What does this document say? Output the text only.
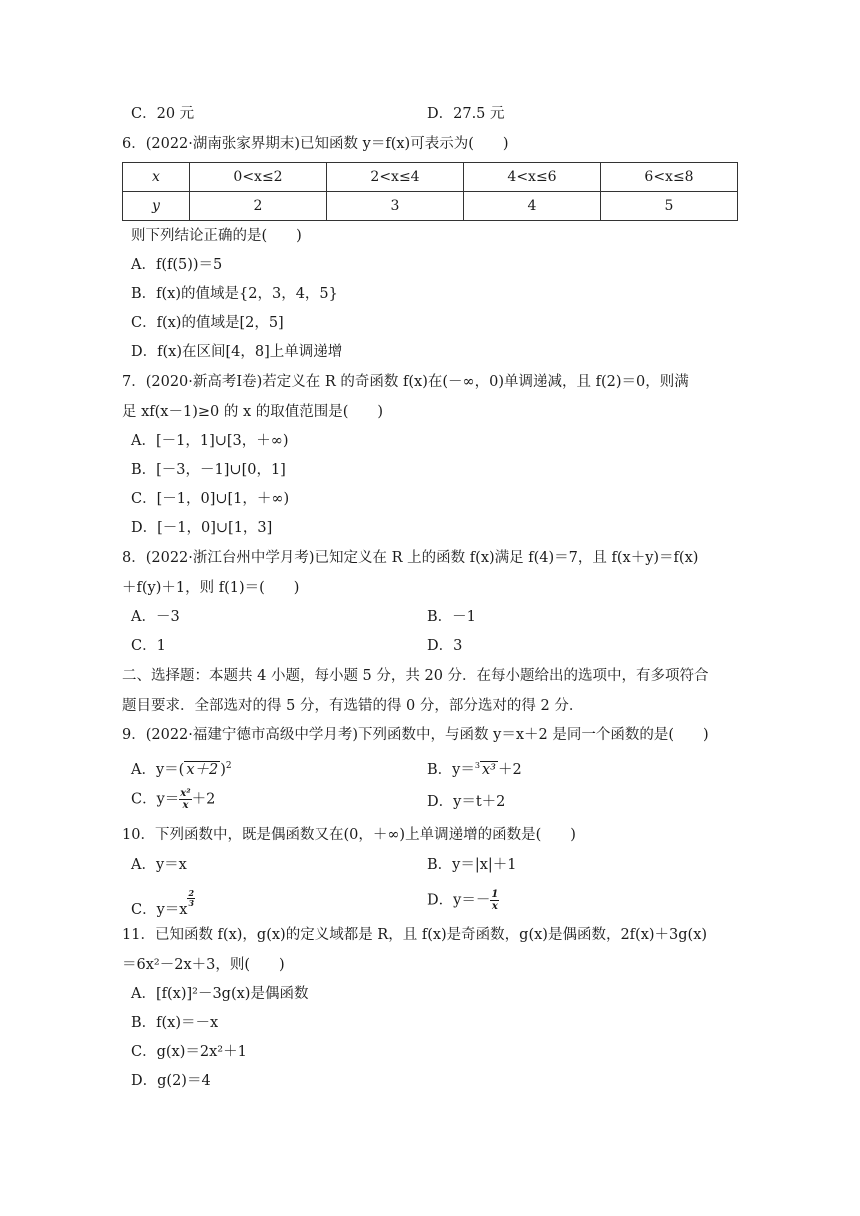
C．20 元	D．27.5 元
6．(2022·湖南张家界期末)已知函数 y＝f(x)可表示为(　　)
x	0<x≤2	2<x≤4	4<x≤6	6<x≤8
y	2	3	4	5
则下列结论正确的是(　　)
A．f(f(5))＝5
B．f(x)的值域是{2，3，4，5}
C．f(x)的值域是[2，5]
D．f(x)在区间[4，8]上单调递增
7．(2020·新高考Ⅰ卷)若定义在 R 的奇函数 f(x)在(－∞，0)单调递减，且 f(2)＝0，则满
足 xf(x－1)≥0 的 x 的取值范围是(　　)
A．[－1，1]∪[3，＋∞)
B．[－3，－1]∪[0，1]
C．[－1，0]∪[1，＋∞)
D．[－1，0]∪[1，3]
8．(2022·浙江台州中学月考)已知定义在 R 上的函数 f(x)满足 f(4)＝7，且 f(x＋y)＝f(x)
＋f(y)＋1，则 f(1)＝(　　)
A．－3	B．－1
C．1	D．3
二、选择题：本题共 4 小题，每小题 5 分，共 20 分．在每小题给出的选项中，有多项符合
题目要求．全部选对的得 5 分，有选错的得 0 分，部分选对的得 2 分．
9．(2022·福建宁德市高级中学月考)下列函数中，与函数 y＝x＋2 是同一个函数的是(　　)
A．y＝( x＋2 )$^2$	B．y＝$^3$ x³ ＋2
C．$y= \frac{\text{x²}}{x} +2$	D．y＝t＋2
10．下列函数中，既是偶函数又在(0，＋∞)上单调递增的函数是(　　)
A．y＝x	B．y＝|x|＋1
C．y＝x
$\frac{2}{3}$	D．$y=- \frac{1}{x}$
11．已知函数 f(x)，g(x)的定义域都是 R，且 f(x)是奇函数，g(x)是偶函数，2f(x)＋3g(x)
＝6x²－2x＋3，则(　　)
A．[f(x)]²－3g(x)是偶函数
B．f(x)＝－x
C．g(x)＝2x²＋1
D．g(2)＝4
